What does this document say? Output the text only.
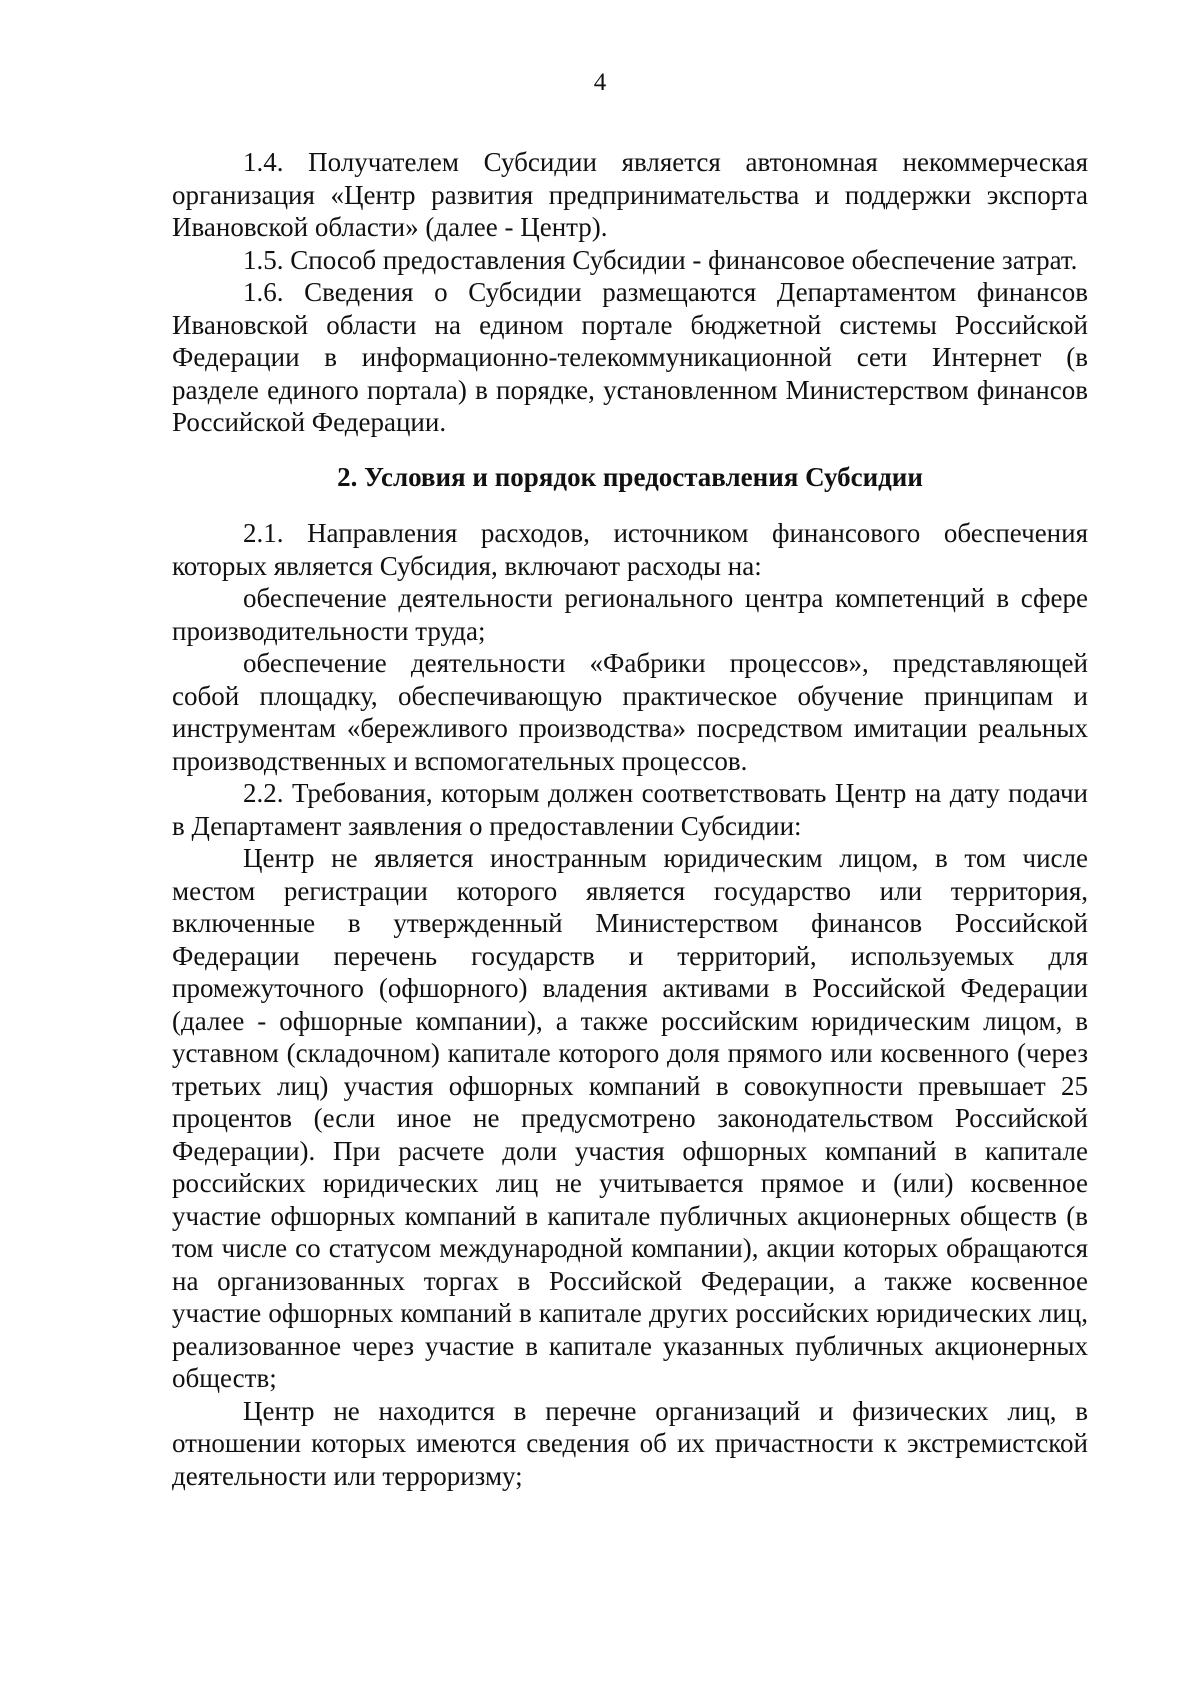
4

1.4. Получателем Субсидии является автономная некоммерческая организация «Центр развития предпринимательства и поддержки экспорта Ивановской области» (далее - Центр).

1.5. Способ предоставления Субсидии - финансовое обеспечение затрат.

1.6. Сведения о Субсидии размещаются Департаментом финансов Ивановской области на едином портале бюджетной системы Российской Федерации в информационно-телекоммуникационной сети Интернет (в разделе единого портала) в порядке, установленном Министерством финансов Российской Федерации.

2. Условия и порядок предоставления Субсидии

2.1. Направления расходов, источником финансового обеспечения которых является Субсидия, включают расходы на:

обеспечение деятельности регионального центра компетенций в сфере производительности труда;

обеспечение деятельности «Фабрики процессов», представляющей собой площадку, обеспечивающую практическое обучение принципам и инструментам «бережливого производства» посредством имитации реальных производственных и вспомогательных процессов.

2.2. Требования, которым должен соответствовать Центр на дату подачи в Департамент заявления о предоставлении Субсидии:

Центр не является иностранным юридическим лицом, в том числе местом регистрации которого является государство или территория, включенные в утвержденный Министерством финансов Российской Федерации перечень государств и территорий, используемых для промежуточного (офшорного) владения активами в Российской Федерации (далее - офшорные компании), а также российским юридическим лицом, в уставном (складочном) капитале которого доля прямого или косвенного (через третьих лиц) участия офшорных компаний в совокупности превышает 25 процентов (если иное не предусмотрено законодательством Российской Федерации). При расчете доли участия офшорных компаний в капитале российских юридических лиц не учитывается прямое и (или) косвенное участие офшорных компаний в капитале публичных акционерных обществ (в том числе со статусом международной компании), акции которых обращаются на организованных торгах в Российской Федерации, а также косвенное участие офшорных компаний в капитале других российских юридических лиц, реализованное через участие в капитале указанных публичных акционерных обществ;

Центр не находится в перечне организаций и физических лиц, в отношении которых имеются сведения об их причастности к экстремистской деятельности или терроризму;
